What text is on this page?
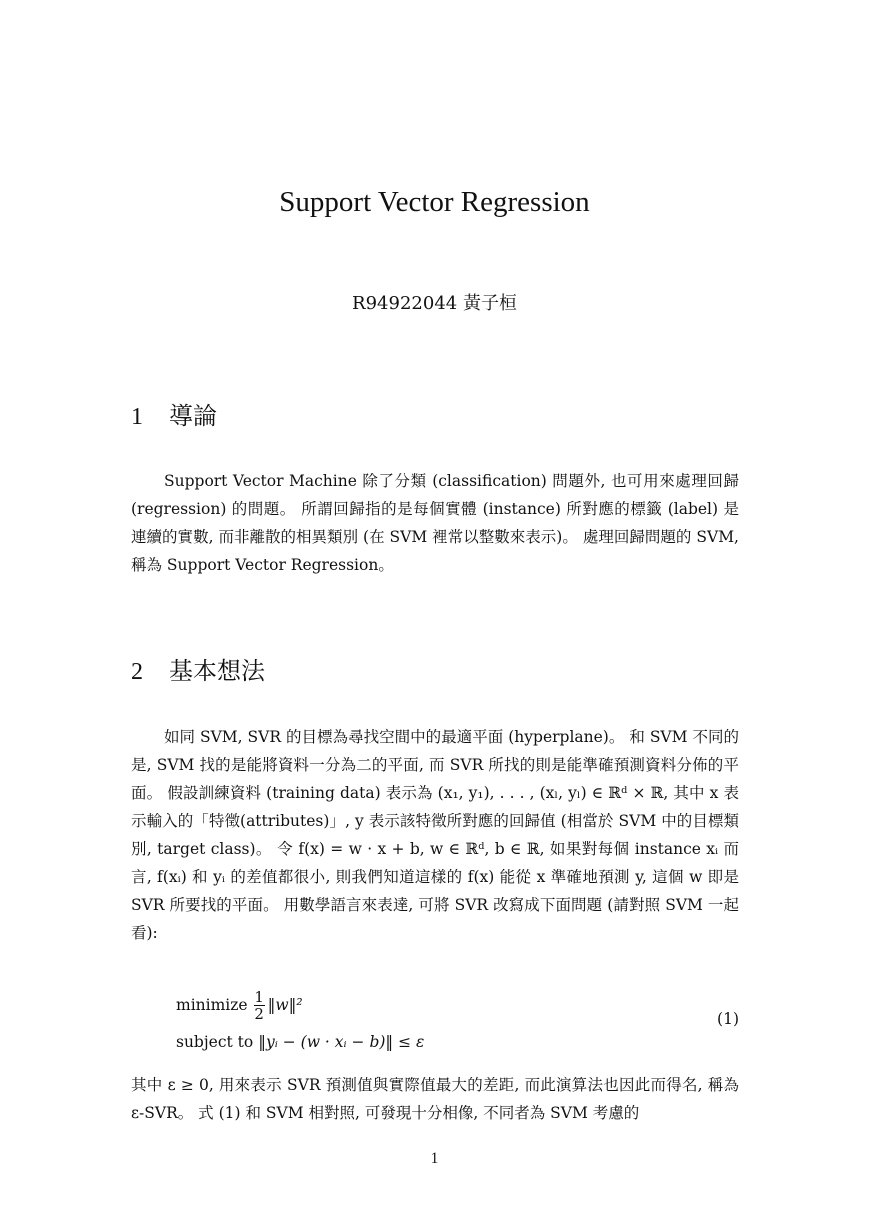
Support Vector Regression
R94922044 黃子桓
1 導論

Support Vector Machine 除了分類 (classification) 問題外, 也可用來處理回歸 (regression) 的問題。 所謂回歸指的是每個實體 (instance) 所對應的標籤 (label) 是連續的實數, 而非離散的相異類別 (在 SVM 裡常以整數來表示)。 處理回歸問題的 SVM, 稱為 Support Vector Regression。

2 基本想法

如同 SVM, SVR 的目標為尋找空間中的最適平面 (hyperplane)。 和 SVM 不同的是, SVM 找的是能將資料一分為二的平面, 而 SVR 所找的則是能準確預測資料分佈的平面。 假設訓練資料 (training data) 表示為 (x₁, y₁), . . . , (xₗ, yₗ) ∈ ℝᵈ × ℝ, 其中 x 表示輸入的「特徵(attributes)」, y 表示該特徵所對應的回歸值 (相當於 SVM 中的目標類別, target class)。 令 f(x) = w · x + b, w ∈ ℝᵈ, b ∈ ℝ, 如果對每個 instance xᵢ 而言, f(xᵢ) 和 yᵢ 的差值都很小, 則我們知道這樣的 f(x) 能從 x 準確地預測 y, 這個 w 即是 SVR 所要找的平面。 用數學語言來表達, 可將 SVR 改寫成下面問題 (請對照 SVM 一起看):

minimize $\frac{1}{2}$ ‖w‖²
subject to ‖yᵢ − (w · xᵢ − b)‖ ≤ ε
(1)

其中 ε ≥ 0, 用來表示 SVR 預測值與實際值最大的差距, 而此演算法也因此而得名, 稱為 ε-SVR。 式 (1) 和 SVM 相對照, 可發現十分相像, 不同者為 SVM 考慮的

1
